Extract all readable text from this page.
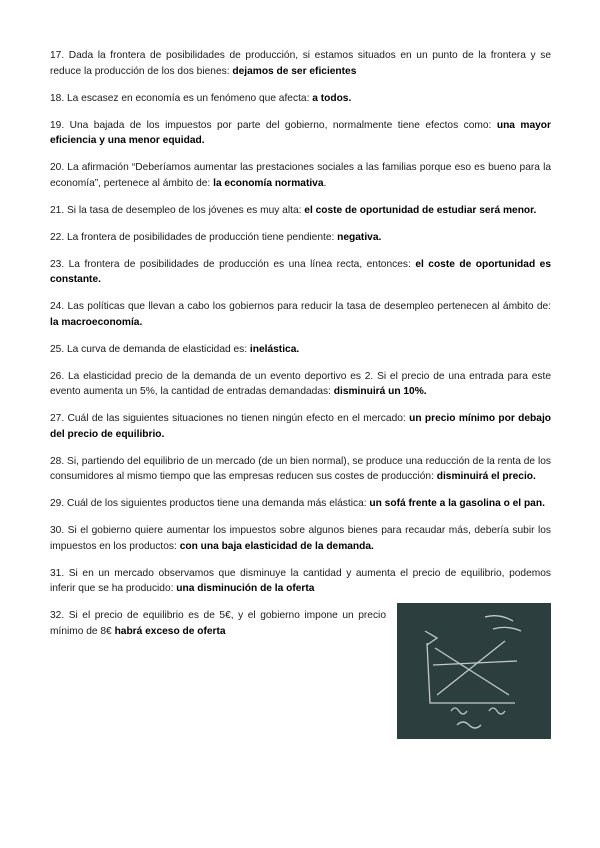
17. Dada la frontera de posibilidades de producción, si estamos situados en un punto de la frontera y se reduce la producción de los dos bienes: dejamos de ser eficientes

18. La escasez en economía es un fenómeno que afecta: a todos.

19. Una bajada de los impuestos por parte del gobierno, normalmente tiene efectos como: una mayor eficiencia y una menor equidad.

20. La afirmación “Deberíamos aumentar las prestaciones sociales a las familias porque eso es bueno para la economía”, pertenece al ámbito de: la economía normativa.

21. Si la tasa de desempleo de los jóvenes es muy alta: el coste de oportunidad de estudiar será menor.

22. La frontera de posibilidades de producción tiene pendiente: negativa.

23. La frontera de posibilidades de producción es una línea recta, entonces: el coste de oportunidad es constante.

24. Las políticas que llevan a cabo los gobiernos para reducir la tasa de desempleo pertenecen al ámbito de: la macroeconomía.

25. La curva de demanda de elasticidad es: inelástica.

26. La elasticidad precio de la demanda de un evento deportivo es 2. Si el precio de una entrada para este evento aumenta un 5%, la cantidad de entradas demandadas: disminuirá un 10%.

27. Cuál de las siguientes situaciones no tienen ningún efecto en el mercado: un precio mínimo por debajo del precio de equilibrio.

28. Si, partiendo del equilibrio de un mercado (de un bien normal), se produce una reducción de la renta de los consumidores al mismo tiempo que las empresas reducen sus costes de producción: disminuirá el precio.

29. Cuál de los siguientes productos tiene una demanda más elástica: un sofá frente a la gasolina o el pan.

30. Si el gobierno quiere aumentar los impuestos sobre algunos bienes para recaudar más, debería subir los impuestos en los productos: con una baja elasticidad de la demanda.

31. Si en un mercado observamos que disminuye la cantidad y aumenta el precio de equilibrio, podemos inferir que se ha producido: una disminución de la oferta

32. Si el precio de equilibrio es de 5€, y el gobierno impone un precio mínimo de 8€ habrá exceso de oferta
